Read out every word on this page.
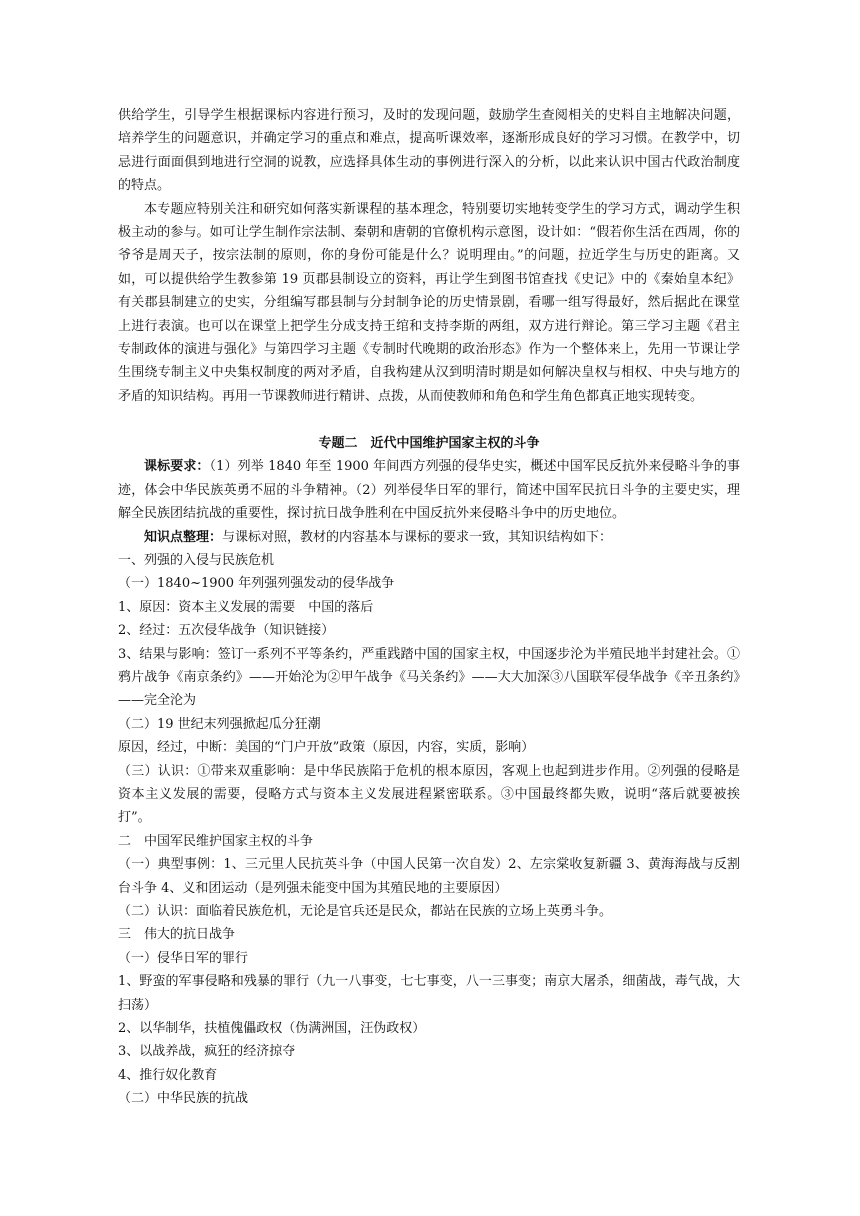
供给学生，引导学生根据课标内容进行预习，及时的发现问题，鼓励学生查阅相关的史料自主地解决问题，培养学生的问题意识，并确定学习的重点和难点，提高听课效率，逐渐形成良好的学习习惯。在教学中，切忌进行面面俱到地进行空洞的说教，应选择具体生动的事例进行深入的分析，以此来认识中国古代政治制度的特点。

本专题应特别关注和研究如何落实新课程的基本理念，特别要切实地转变学生的学习方式，调动学生积极主动的参与。如可让学生制作宗法制、秦朝和唐朝的官僚机构示意图，设计如：“假若你生活在西周，你的爷爷是周天子，按宗法制的原则，你的身份可能是什么？说明理由。”的问题，拉近学生与历史的距离。又如，可以提供给学生教参第 19 页郡县制设立的资料，再让学生到图书馆查找《史记》中的《秦始皇本纪》有关郡县制建立的史实，分组编写郡县制与分封制争论的历史情景剧，看哪一组写得最好，然后据此在课堂上进行表演。也可以在课堂上把学生分成支持王绾和支持李斯的两组，双方进行辩论。第三学习主题《君主专制政体的演进与强化》与第四学习主题《专制时代晚期的政治形态》作为一个整体来上，先用一节课让学生围绕专制主义中央集权制度的两对矛盾，自我构建从汉到明清时期是如何解决皇权与相权、中央与地方的矛盾的知识结构。再用一节课教师进行精讲、点拨，从而使教师和角色和学生角色都真正地实现转变。

专题二　近代中国维护国家主权的斗争

课标要求：（1）列举 1840 年至 1900 年间西方列强的侵华史实，概述中国军民反抗外来侵略斗争的事迹，体会中华民族英勇不屈的斗争精神。（2）列举侵华日军的罪行，简述中国军民抗日斗争的主要史实，理解全民族团结抗战的重要性，探讨抗日战争胜利在中国反抗外来侵略斗争中的历史地位。

知识点整理：与课标对照，教材的内容基本与课标的要求一致，其知识结构如下：

一、列强的入侵与民族危机

（一）1840~1900 年列强列强发动的侵华战争

1、原因：资本主义发展的需要　中国的落后

2、经过：五次侵华战争（知识链接）

3、结果与影响：签订一系列不平等条约，严重践踏中国的国家主权，中国逐步沦为半殖民地半封建社会。①鸦片战争《南京条约》——开始沦为②甲午战争《马关条约》——大大加深③八国联军侵华战争《辛丑条约》——完全沦为

（二）19 世纪末列强掀起瓜分狂潮

原因，经过，中断：美国的“门户开放”政策（原因，内容，实质，影响）

（三）认识：①带来双重影响：是中华民族陷于危机的根本原因，客观上也起到进步作用。②列强的侵略是资本主义发展的需要，侵略方式与资本主义发展进程紧密联系。③中国最终都失败，说明“落后就要被挨打”。

二　中国军民维护国家主权的斗争

（一）典型事例：1、三元里人民抗英斗争（中国人民第一次自发）2、左宗棠收复新疆 3、黄海海战与反割台斗争 4、义和团运动（是列强未能变中国为其殖民地的主要原因）

（二）认识：面临着民族危机，无论是官兵还是民众，都站在民族的立场上英勇斗争。

三　伟大的抗日战争

（一）侵华日军的罪行

1、野蛮的军事侵略和残暴的罪行（九一八事变，七七事变，八一三事变；南京大屠杀，细菌战，毒气战，大扫荡）

2、以华制华，扶植傀儡政权（伪满洲国，汪伪政权）

3、以战养战，疯狂的经济掠夺

4、推行奴化教育

（二）中华民族的抗战
